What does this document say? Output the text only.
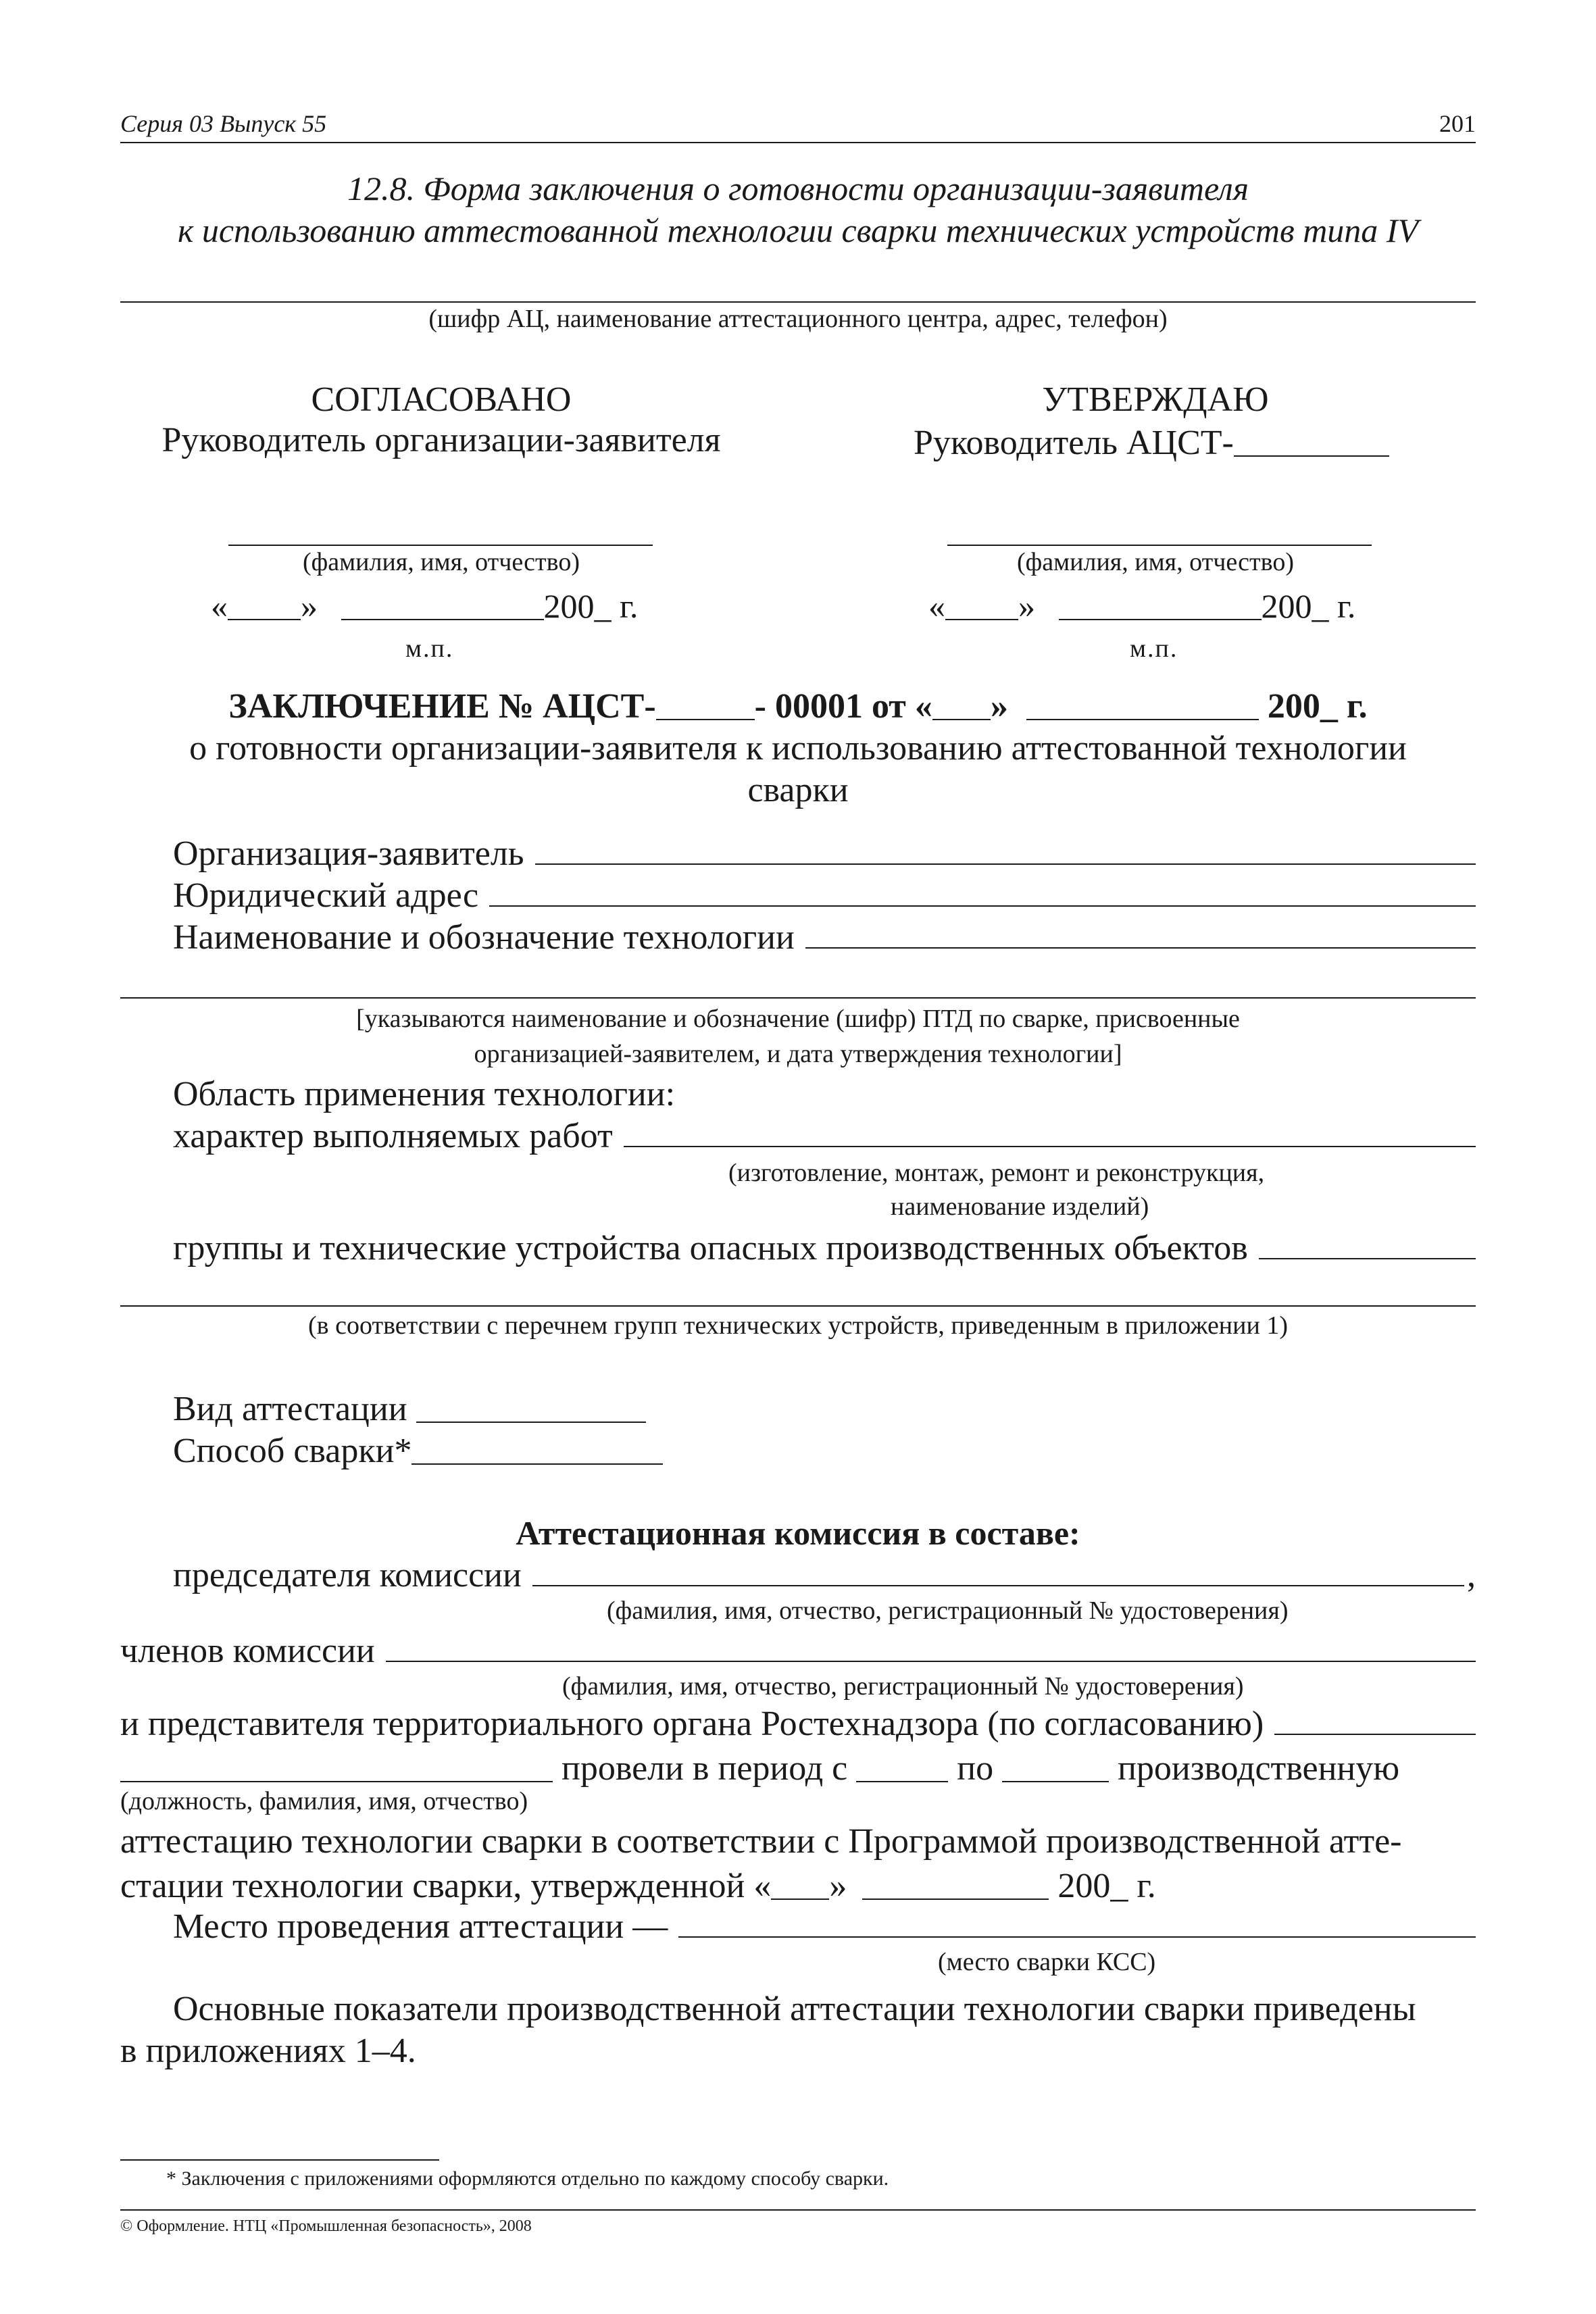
Серия 03 Выпуск 55	201
12.8. Форма заключения о готовности организации-заявителя
к использованию аттестованной технологии сварки технических устройств типа IV
(шифр АЦ, наименование аттестационного центра, адрес, телефон)
СОГЛАСОВАНО
Руководитель организации-заявителя
(фамилия, имя, отчество)
« »	200_ г.
м.п.
УТВЕРЖДАЮ
Руководитель АЦСТ-
(фамилия, имя, отчество)
« »	200_ г.
м.п.
ЗАКЛЮЧЕНИЕ № АЦСТ-	- 00001 от « »	200_ г.
о готовности организации-заявителя к использованию аттестованной технологии
сварки
Организация-заявитель
Юридический адрес
Наименование и обозначение технологии
[указываются наименование и обозначение (шифр) ПТД по сварке, присвоенные
организацией-заявителем, и дата утверждения технологии]
Область применения технологии:
характер выполняемых работ
(изготовление, монтаж, ремонт и реконструкция,
наименование изделий)
группы и технические устройства опасных производственных объектов
(в соответствии с перечнем групп технических устройств, приведенным в приложении 1)
Вид аттестации
Способ сварки*
Аттестационная комиссия в составе:
председателя комиссии	,
(фамилия, имя, отчество, регистрационный № удостоверения)
членов комиссии
(фамилия, имя, отчество, регистрационный № удостоверения)
и представителя территориального органа Ростехнадзора (по согласованию)
провели в период с	по	производственную
(должность, фамилия, имя, отчество)
аттестацию технологии сварки в соответствии с Программой производственной атте-
стации технологии сварки, утвержденной « »	200_ г.
Место проведения аттестации —
(место сварки КСС)
Основные показатели производственной аттестации технологии сварки приведены
в приложениях 1–4.
* Заключения с приложениями оформляются отдельно по каждому способу сварки.
© Оформление. НТЦ «Промышленная безопасность», 2008
